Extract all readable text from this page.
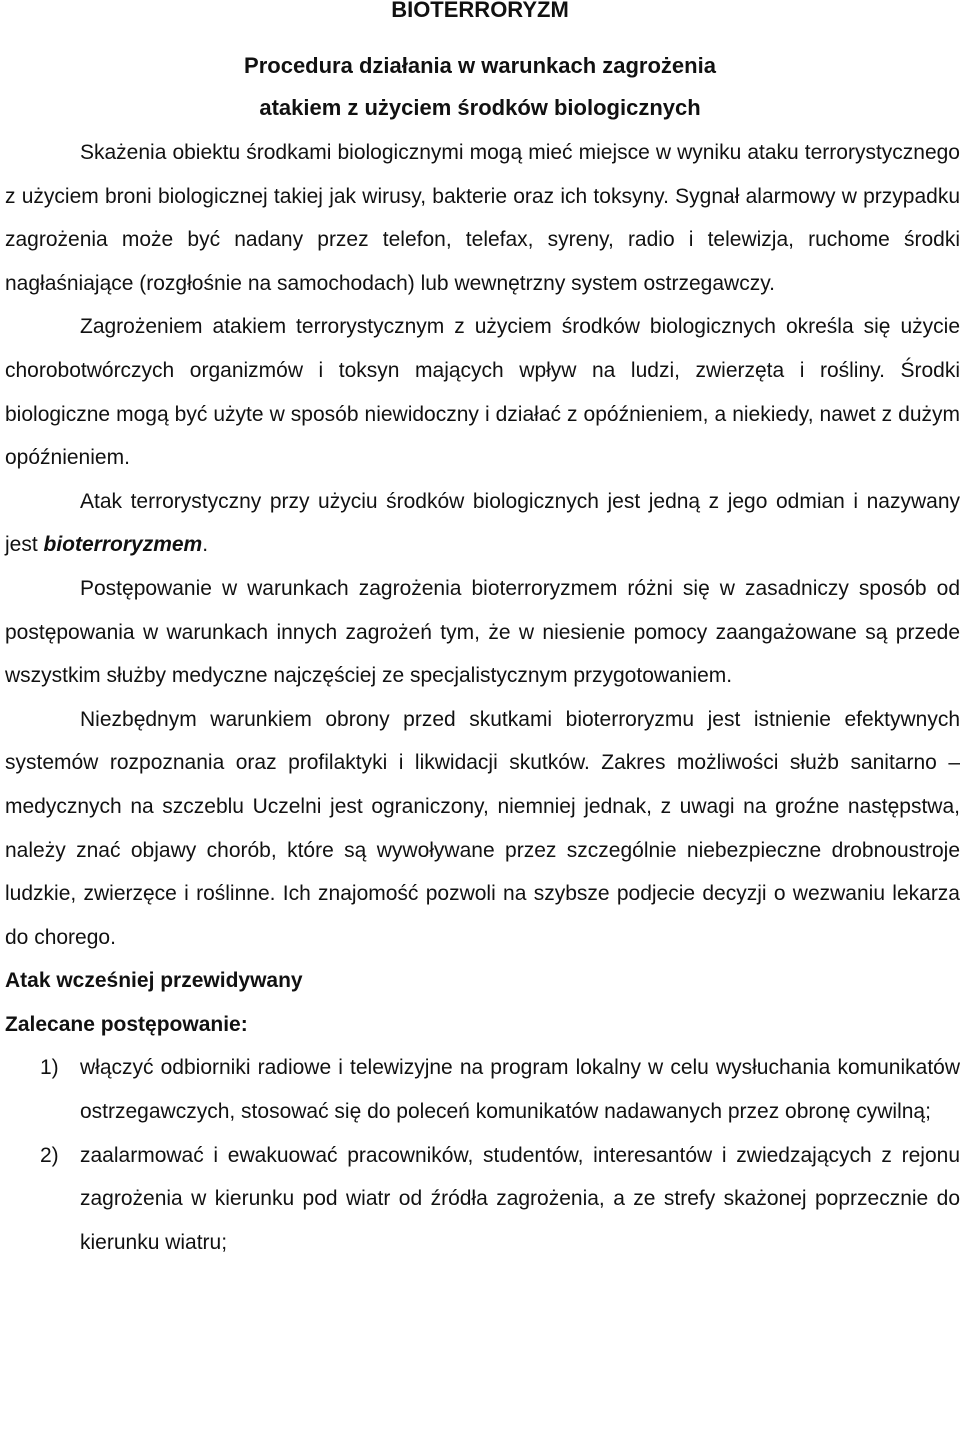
BIOTERRORYZM
Procedura działania w warunkach zagrożenia
atakiem z użyciem środków biologicznych

Skażenia obiektu środkami biologicznymi mogą mieć miejsce w wyniku ataku terrorystycznego z użyciem broni biologicznej takiej jak wirusy, bakterie oraz ich toksyny. Sygnał alarmowy w przypadku zagrożenia może być nadany przez telefon, telefax, syreny, radio i telewizja, ruchome środki nagłaśniające (rozgłośnie na samochodach) lub wewnętrzny system ostrzegawczy.

Zagrożeniem atakiem terrorystycznym z użyciem środków biologicznych określa się użycie chorobotwórczych organizmów i toksyn mających wpływ na ludzi, zwierzęta i rośliny. Środki biologiczne mogą być użyte w sposób niewidoczny i działać z opóźnieniem, a niekiedy, nawet z dużym opóźnieniem.

Atak terrorystyczny przy użyciu środków biologicznych jest jedną z jego odmian i nazywany jest bioterroryzmem.

Postępowanie w warunkach zagrożenia bioterroryzmem różni się w zasadniczy sposób od postępowania w warunkach innych zagrożeń tym, że w niesienie pomocy zaangażowane są przede wszystkim służby medyczne najczęściej ze specjalistycznym przygotowaniem.

Niezbędnym warunkiem obrony przed skutkami bioterroryzmu jest istnienie efektywnych systemów rozpoznania oraz profilaktyki i likwidacji skutków. Zakres możliwości służb sanitarno – medycznych na szczeblu Uczelni jest ograniczony, niemniej jednak, z uwagi na groźne następstwa, należy znać objawy chorób, które są wywoływane przez szczególnie niebezpieczne drobnoustroje ludzkie, zwierzęce i roślinne. Ich znajomość pozwoli na szybsze podjecie decyzji o wezwaniu lekarza do chorego.

Atak wcześniej przewidywany

Zalecane postępowanie:

1) włączyć odbiorniki radiowe i telewizyjne na program lokalny w celu wysłuchania komunikatów ostrzegawczych, stosować się do poleceń komunikatów nadawanych przez obronę cywilną;
2) zaalarmować i ewakuować pracowników, studentów, interesantów i zwiedzających z rejonu zagrożenia w kierunku pod wiatr od źródła zagrożenia, a ze strefy skażonej poprzecznie do kierunku wiatru;
